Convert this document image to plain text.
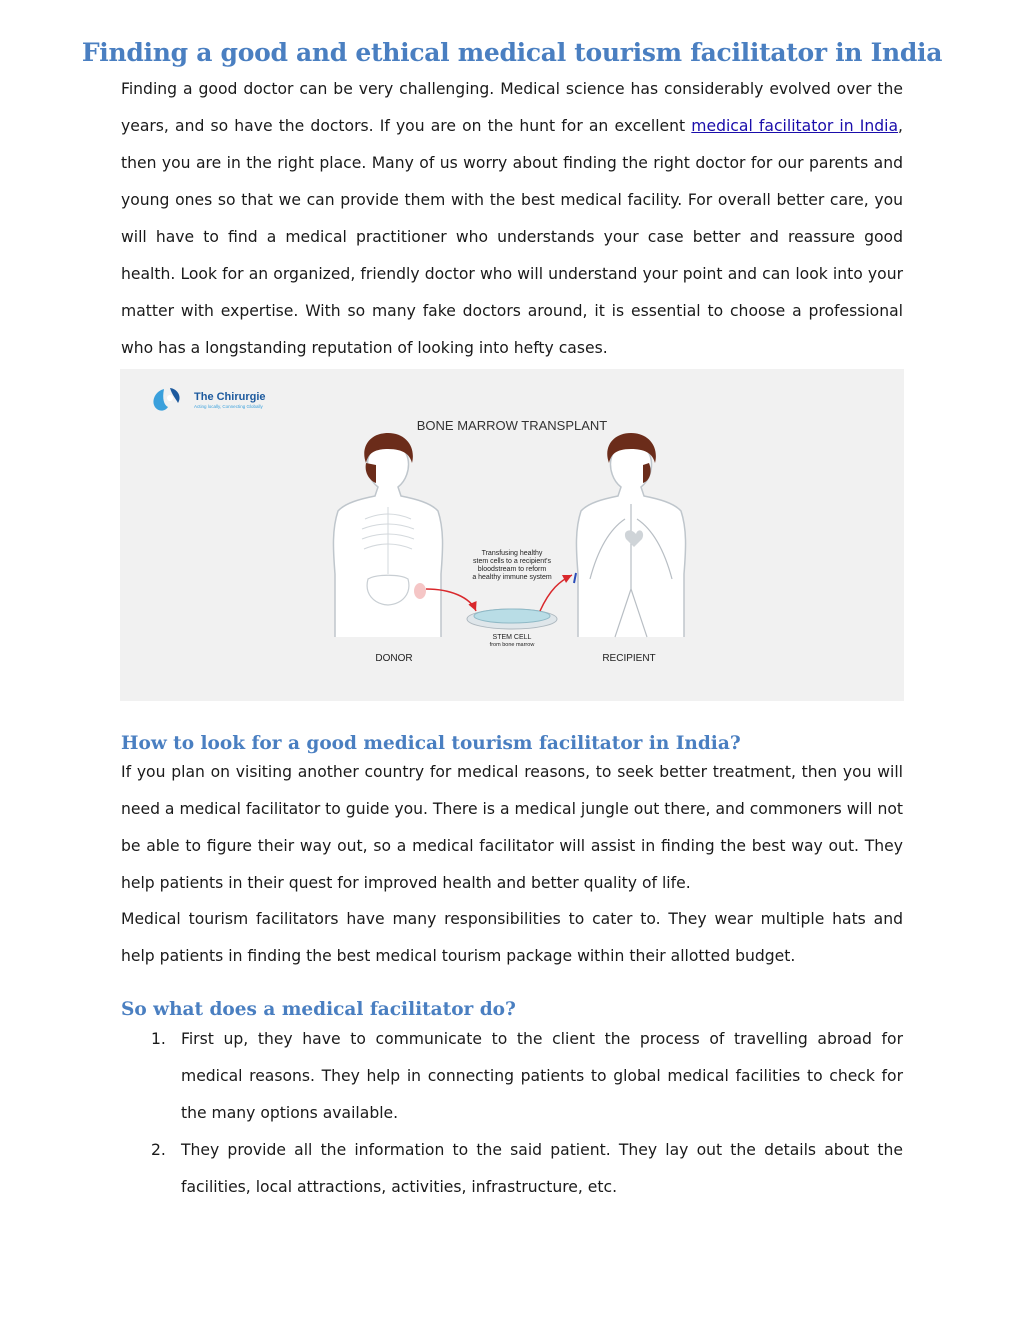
Finding a good and ethical medical tourism facilitator in India

Finding a good doctor can be very challenging. Medical science has considerably evolved over the years, and so have the doctors. If you are on the hunt for an excellent medical facilitator in India, then you are in the right place. Many of us worry about finding the right doctor for our parents and young ones so that we can provide them with the best medical facility. For overall better care, you will have to find a medical practitioner who understands your case better and reassure good health. Look for an organized, friendly doctor who will understand your point and can look into your matter with expertise. With so many fake doctors around, it is essential to choose a professional who has a longstanding reputation of looking into hefty cases.

The Chirurgie
Acting locally, Connecting Globally
BONE MARROW TRANSPLANT
Transfusing healthy
stem cells to a recipient's
bloodstream to reform
a healthy immune system
STEM CELL
from bone marrow
DONOR	RECIPIENT
How to look for a good medical tourism facilitator in India?

If you plan on visiting another country for medical reasons, to seek better treatment, then you will need a medical facilitator to guide you. There is a medical jungle out there, and commoners will not be able to figure their way out, so a medical facilitator will assist in finding the best way out. They help patients in their quest for improved health and better quality of life.

Medical tourism facilitators have many responsibilities to cater to. They wear multiple hats and help patients in finding the best medical tourism package within their allotted budget.

So what does a medical facilitator do?
1. First up, they have to communicate to the client the process of travelling abroad for medical reasons. They help in connecting patients to global medical facilities to check for the many options available.
2. They provide all the information to the said patient. They lay out the details about the facilities, local attractions, activities, infrastructure, etc.
